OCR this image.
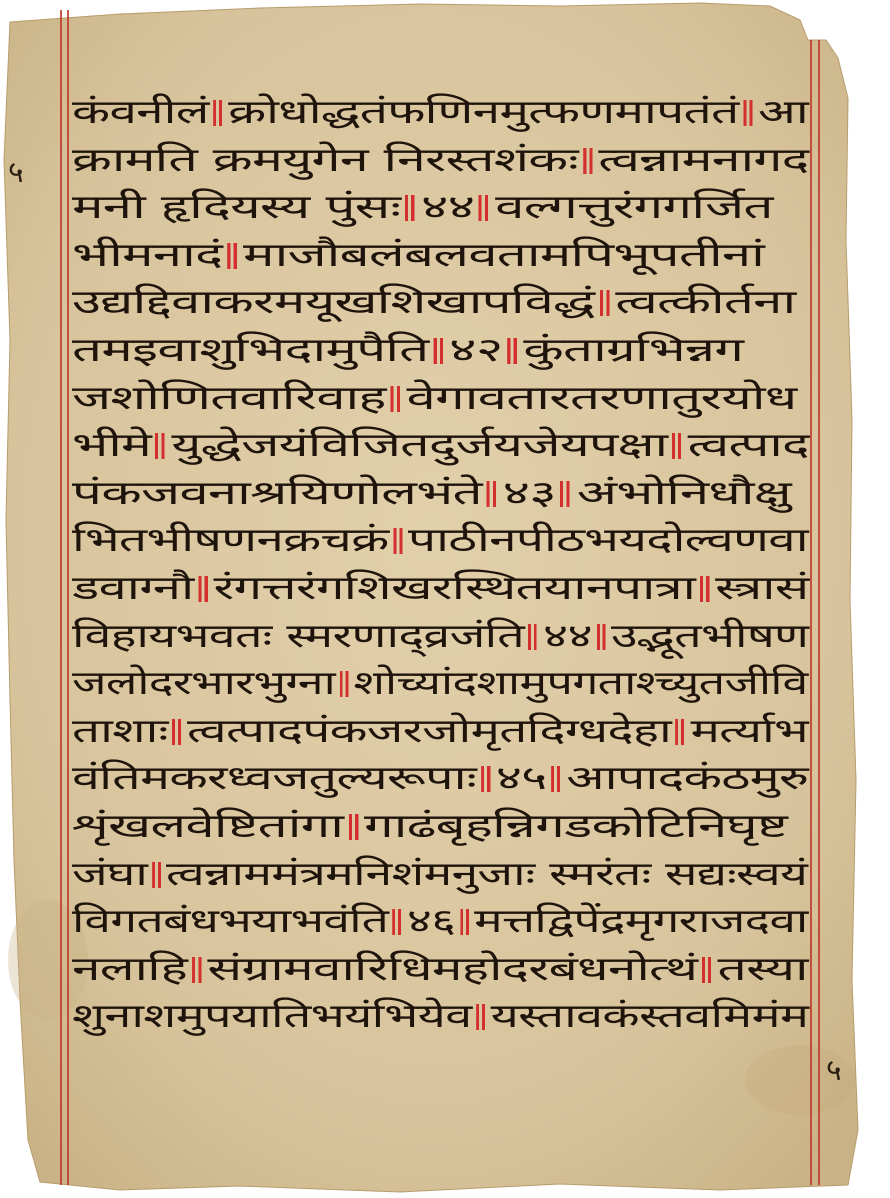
५
५
कंवनीलं क्रोधोद्धतंफणिनमुत्फणमापतंतं आ
क्रामति क्रमयुगेन निरस्तशंकः त्वन्नामनागद
मनी हृदियस्य पुंसः ४४ वल्गत्तुरंगगर्जित
भीमनादं माजौबलंबलवतामपिभूपतीनां
उद्यद्दिवाकरमयूखशिखापविद्धं त्वत्कीर्तना
तमइवाशुभिदामुपैति ४२ कुंताग्रभिन्नग
जशोणितवारिवाह वेगावतारतरणातुरयोध
भीमे युद्धेजयंविजितदुर्जयजेयपक्षा त्वत्पाद
पंकजवनाश्रयिणोलभंते ४३ अंभोनिधौक्षु
भितभीषणनक्रचक्रं पाठीनपीठभयदोल्वणवा
डवाग्नौ रंगत्तरंगशिखरस्थितयानपात्रा स्त्रासं
विहायभवतः स्मरणाद्व्रजंति ४४ उद्भूतभीषण
जलोदरभारभुग्ना शोच्यांदशामुपगताश्च्युतजीवि
ताशाः त्वत्पादपंकजरजोमृतदिग्धदेहा मर्त्याभ
वंतिमकरध्वजतुल्यरूपाः ४५ आपादकंठमुरु
शृंखलवेष्टितांगा गाढंबृहन्निगडकोटिनिघृष्ट
जंघा त्वन्नाममंत्रमनिशंमनुजाः स्मरंतः सद्यःस्वयं
विगतबंधभयाभवंति ४६ मत्तद्विपेंद्रमृगराजदवा
नलाहि संग्रामवारिधिमहोदरबंधनोत्थं तस्या
शुनाशमुपयातिभयंभियेव यस्तावकंस्तवमिमंम
